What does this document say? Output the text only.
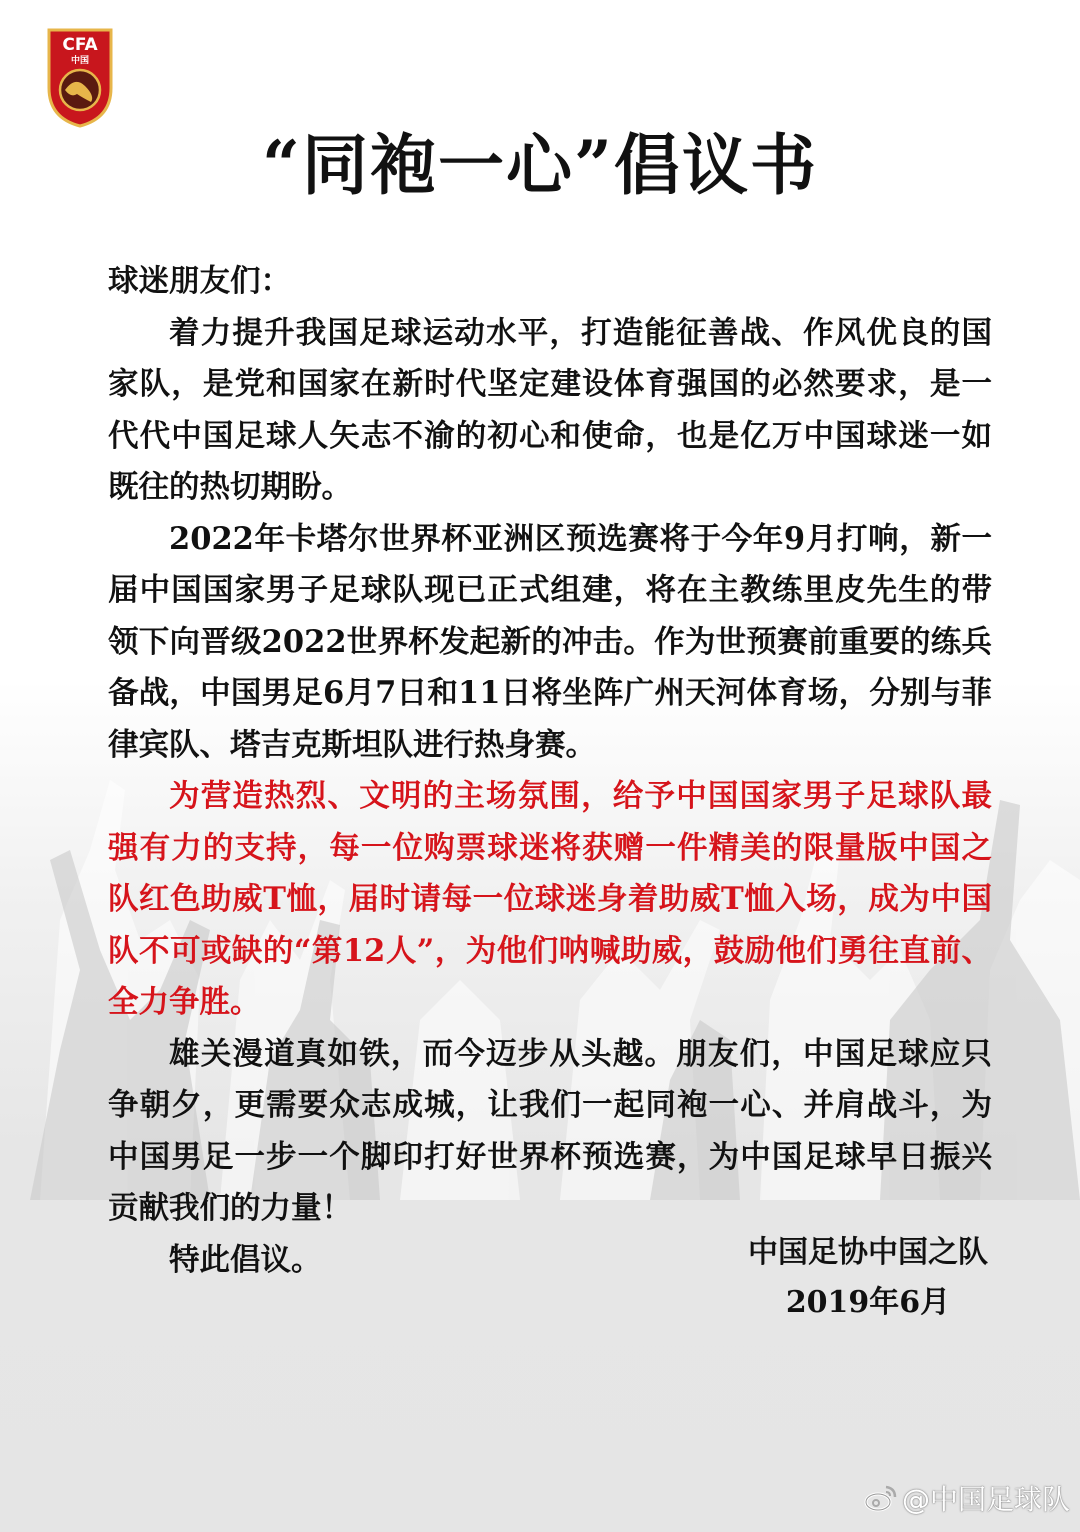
CFA
中国
“同袍一心”倡议书

球迷朋友们：

着力提升我国足球运动水平，打造能征善战、作风优良的国家队，是党和国家在新时代坚定建设体育强国的必然要求，是一代代中国足球人矢志不渝的初心和使命，也是亿万中国球迷一如既往的热切期盼。

2022年卡塔尔世界杯亚洲区预选赛将于今年9月打响，新一届中国国家男子足球队现已正式组建，将在主教练里皮先生的带领下向晋级2022世界杯发起新的冲击。作为世预赛前重要的练兵备战，中国男足6月7日和11日将坐阵广州天河体育场，分别与菲律宾队、塔吉克斯坦队进行热身赛。

为营造热烈、文明的主场氛围，给予中国国家男子足球队最强有力的支持，每一位购票球迷将获赠一件精美的限量版中国之队红色助威T恤，届时请每一位球迷身着助威T恤入场，成为中国队不可或缺的“第12人”，为他们呐喊助威，鼓励他们勇往直前、全力争胜。

雄关漫道真如铁，而今迈步从头越。朋友们，中国足球应只争朝夕，更需要众志成城，让我们一起同袍一心、并肩战斗，为中国男足一步一个脚印打好世界杯预选赛，为中国足球早日振兴贡献我们的力量！

特此倡议。	中国足协中国之队
2019年6月
@中国足球队
